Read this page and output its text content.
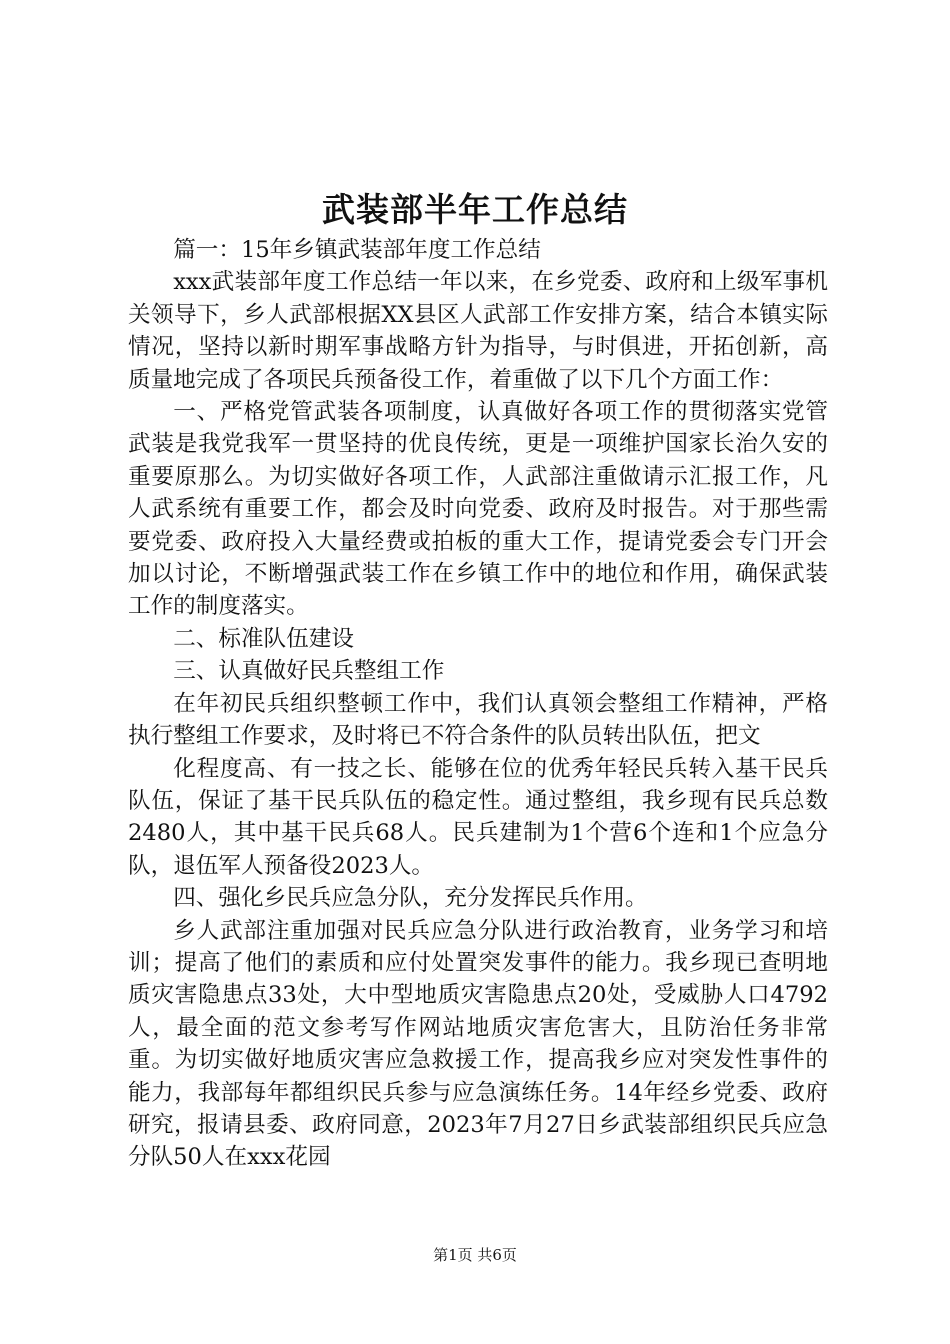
武装部半年工作总结

篇一：15年乡镇武装部年度工作总结

xxx武装部年度工作总结一年以来，在乡党委、政府和上级军事机关领导下，乡人武部根据XX县区人武部工作安排方案，结合本镇实际情况，坚持以新时期军事战略方针为指导，与时俱进，开拓创新，高质量地完成了各项民兵预备役工作，着重做了以下几个方面工作：

一、严格党管武装各项制度，认真做好各项工作的贯彻落实党管武装是我党我军一贯坚持的优良传统，更是一项维护国家长治久安的重要原那么。为切实做好各项工作，人武部注重做请示汇报工作，凡人武系统有重要工作，都会及时向党委、政府及时报告。对于那些需要党委、政府投入大量经费或拍板的重大工作，提请党委会专门开会加以讨论，不断增强武装工作在乡镇工作中的地位和作用，确保武装工作的制度落实。

二、标准队伍建设

三、认真做好民兵整组工作

在年初民兵组织整顿工作中，我们认真领会整组工作精神，严格执行整组工作要求，及时将已不符合条件的队员转出队伍，把文

化程度高、有一技之长、能够在位的优秀年轻民兵转入基干民兵队伍，保证了基干民兵队伍的稳定性。通过整组，我乡现有民兵总数2480人，其中基干民兵68人。民兵建制为1个营6个连和1个应急分队，退伍军人预备役2023人。

四、强化乡民兵应急分队，充分发挥民兵作用。

乡人武部注重加强对民兵应急分队进行政治教育，业务学习和培训；提高了他们的素质和应付处置突发事件的能力。我乡现已查明地质灾害隐患点33处，大中型地质灾害隐患点20处，受威胁人口4792人，最全面的范文参考写作网站地质灾害危害大，且防治任务非常重。为切实做好地质灾害应急救援工作，提高我乡应对突发性事件的能力，我部每年都组织民兵参与应急演练任务。14年经乡党委、政府研究，报请县委、政府同意，2023年7月27日乡武装部组织民兵应急分队50人在xxx花园

第1页 共6页
